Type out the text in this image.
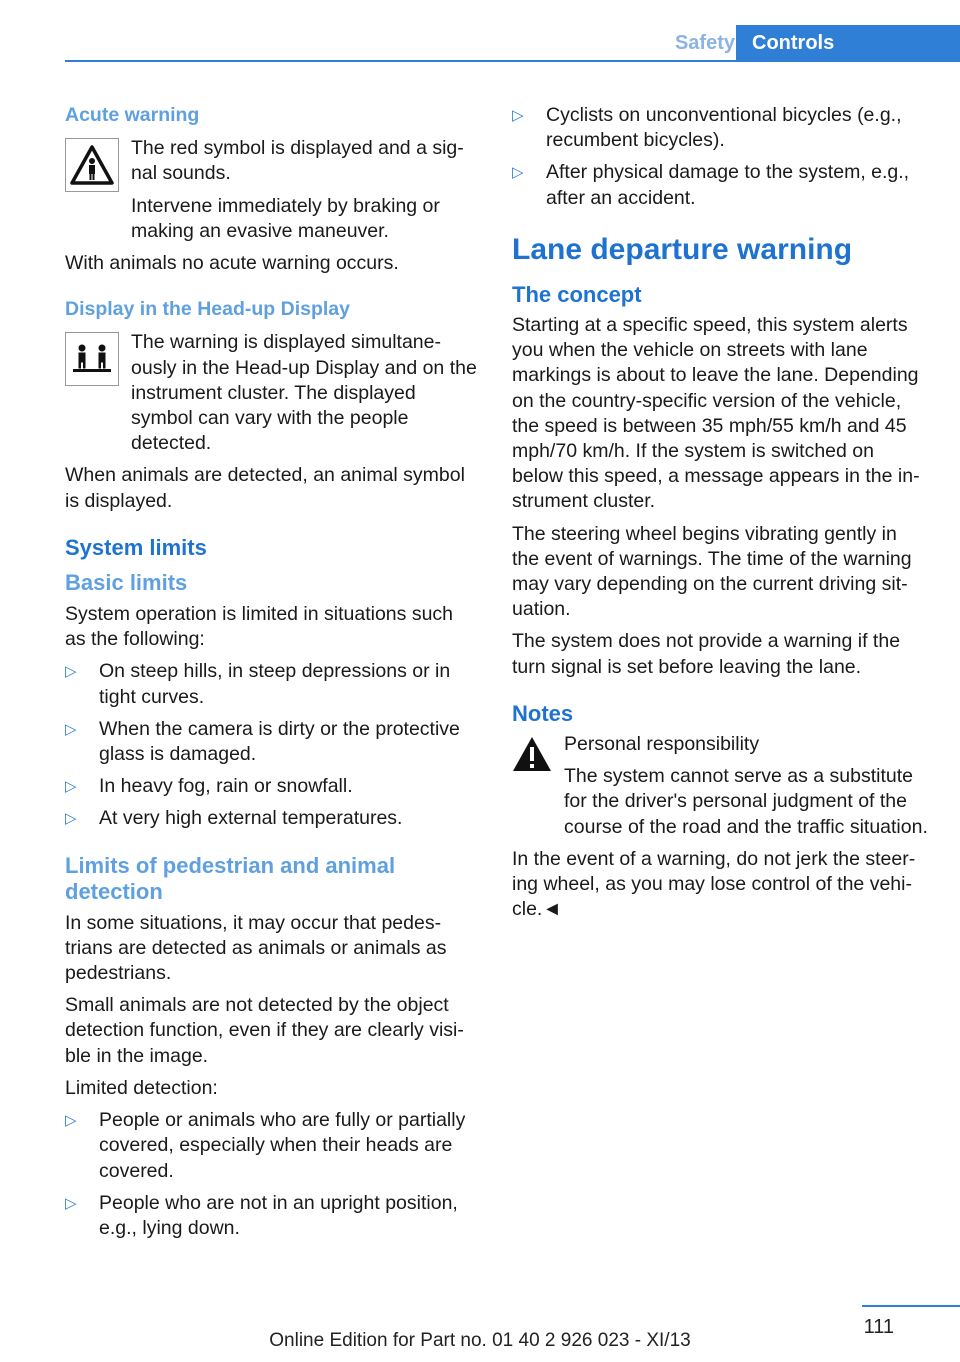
Safety Controls
Acute warning

The red symbol is displayed and a sig-nal sounds.

Intervene immediately by braking or making an evasive maneuver.

With animals no acute warning occurs.

Display in the Head-up Display

The warning is displayed simultane-ously in the Head-up Display and on the instrument cluster. The displayed symbol can vary with the people detected.

When animals are detected, an animal symbol is displayed.

System limits
Basic limits

System operation is limited in situations such as the following:

▷ On steep hills, in steep depressions or in tight curves.
▷ When the camera is dirty or the protective glass is damaged.
▷ In heavy fog, rain or snowfall.
▷ At very high external temperatures.
Limits of pedestrian and animal detection

In some situations, it may occur that pedes-trians are detected as animals or animals as pedestrians.

Small animals are not detected by the object detection function, even if they are clearly visi-ble in the image.

Limited detection:

▷ People or animals who are fully or partially covered, especially when their heads are covered.
▷ People who are not in an upright position, e.g., lying down.
▷ Cyclists on unconventional bicycles (e.g., recumbent bicycles).
▷ After physical damage to the system, e.g., after an accident.
Lane departure warning
The concept

Starting at a specific speed, this system alerts you when the vehicle on streets with lane markings is about to leave the lane. Depending on the country-specific version of the vehicle, the speed is between 35 mph/55 km/h and 45 mph/70 km/h. If the system is switched on below this speed, a message appears in the in-strument cluster.

The steering wheel begins vibrating gently in the event of warnings. The time of the warning may vary depending on the current driving sit-uation.

The system does not provide a warning if the turn signal is set before leaving the lane.

Notes

Personal responsibility

The system cannot serve as a substitute for the driver's personal judgment of the course of the road and the traffic situation.

In the event of a warning, do not jerk the steer-ing wheel, as you may lose control of the vehi-cle.◄

111
Online Edition for Part no. 01 40 2 926 023 - XI/13
